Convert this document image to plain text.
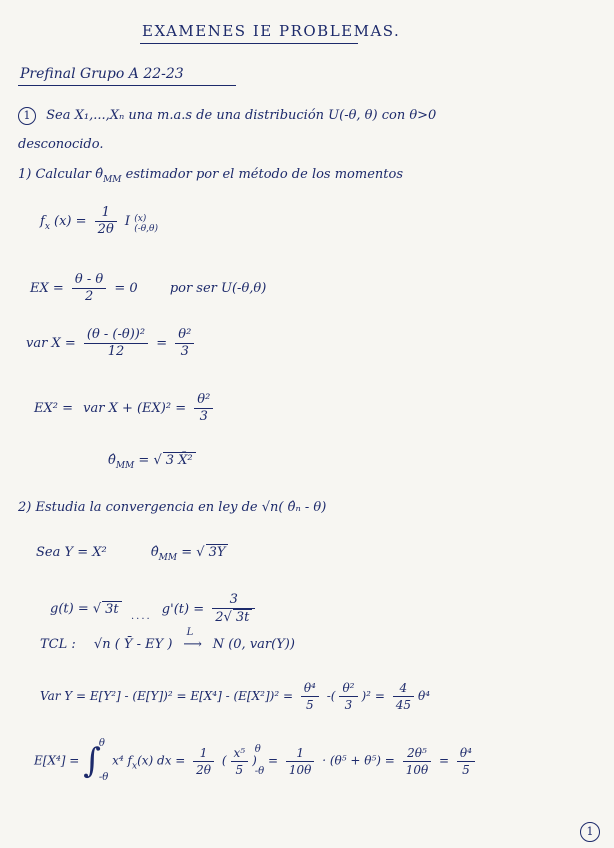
EXAMENES IE PROBLEMAS.
Prefinal Grupo A 22-23
1 Sea X₁,...,Xₙ una m.a.s de una distribución U(-θ, θ) con θ>0
desconocido.
1) Calcular $\thetâ_{MM}$ estimador por el método de los momentos
$f_x$ $(x) = \frac{1}{2\theta}$ I (x)
(-θ,θ)
EX = $\frac{\theta - \theta}{2} = 0$ por ser U(-θ,θ)
var $X = \frac{\text{(θ - (-θ))²}}{12} = \frac{\text{θ²}}{3}$
EX² = var $X + (EX)^2 = \frac{\text{θ²}}{3}$
$\thetâ_{MM}$ = √ 3 X̄²
2) Estudia la convergencia en ley de √n( θ̂ₙ - θ)
Sea Y = X²	$\thetâ_{MM}$ = √ 3Ȳ
g(t) = √ 3t	$g'(t) = \frac{3}{2√ 3t}$
....
TCL : √n ( Ȳ - EY )
L
⟶ N (0, var(Y))
Var $Y = E[Y^2] - (E[Y])^2 = E[X^4] - (E[X^2])^2 = \frac{\text{θ⁴}}{5}$ -( $\frac{\text{θ²}}{3} )^2 = \frac{4}{45} \theta^4$
E[X⁴] = ∫
θ
-θ
x⁴ $f_x(x)$ dx = $\frac{1}{2\theta}$ ( $\frac{\text{x⁵}}{5}$ )
θ
-θ
= $\frac{1}{10\theta} \cdot (\theta^5 + \theta^5) = \frac{\text{2θ⁵}}{10\theta} = \frac{\text{θ⁴}}{5}$
1
